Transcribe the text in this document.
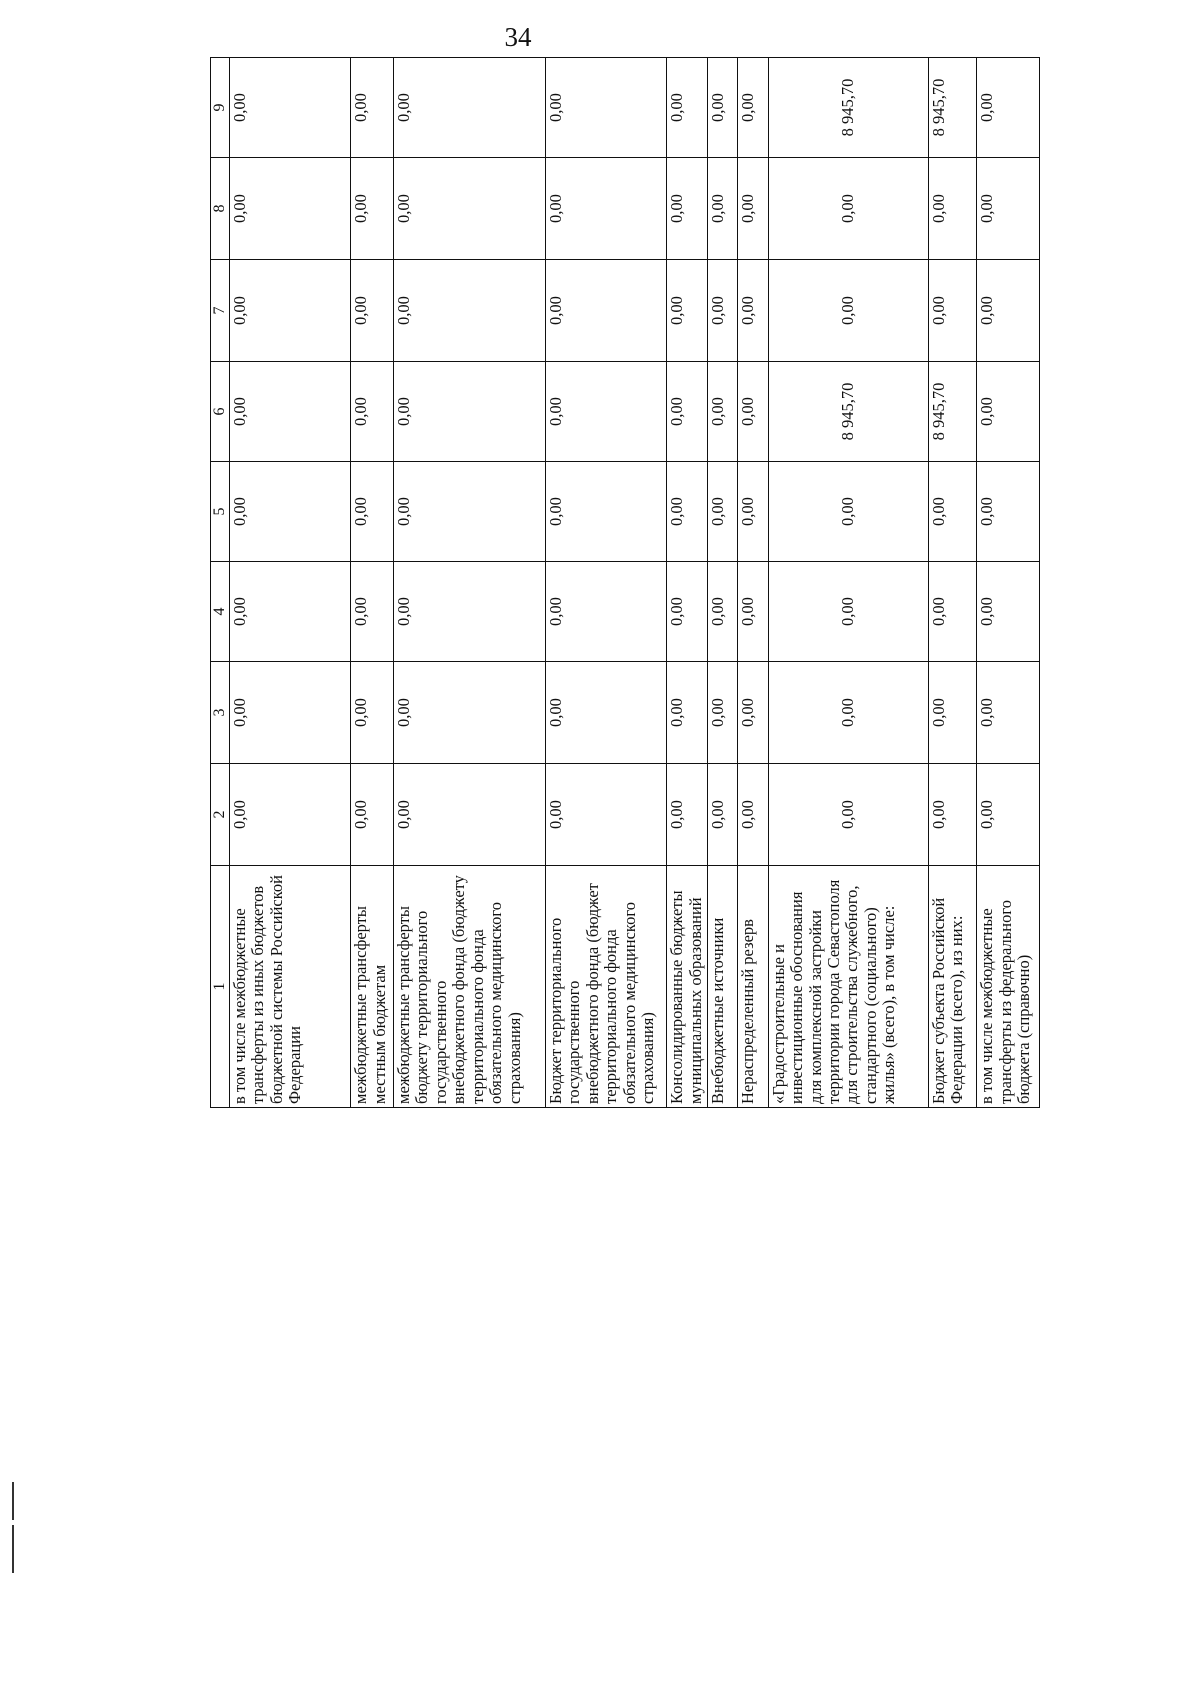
34
1	2	3	4	5	6	7	8	9
в том числе межбюджетные трансферты из иных бюджетов бюджетной системы Российской Федерации	0,00	0,00	0,00	0,00	0,00	0,00	0,00	0,00
межбюджетные трансферты местным бюджетам	0,00	0,00	0,00	0,00	0,00	0,00	0,00	0,00
межбюджетные трансферты бюджету территориального государственного внебюджетного фонда (бюджету территориального фонда обязательного медицинского страхования)	0,00	0,00	0,00	0,00	0,00	0,00	0,00	0,00
Бюджет территориального государственного внебюджетного фонда (бюджет территориального фонда обязательного медицинского страхования)	0,00	0,00	0,00	0,00	0,00	0,00	0,00	0,00
Консолидированные бюджеты муниципальных образований	0,00	0,00	0,00	0,00	0,00	0,00	0,00	0,00
Внебюджетные источники	0,00	0,00	0,00	0,00	0,00	0,00	0,00	0,00
Нераспределенный резерв	0,00	0,00	0,00	0,00	0,00	0,00	0,00	0,00
«Градостроительные и инвестиционные обоснования для комплексной застройки территории города Севастополя для строительства служебного, стандартного (социального) жилья» (всего), в том числе:	0,00	0,00	0,00	0,00	8 945,70	0,00	0,00	8 945,70
Бюджет субъекта Российской Федерации (всего), из них:	0,00	0,00	0,00	0,00	8 945,70	0,00	0,00	8 945,70
в том числе межбюджетные трансферты из федерального бюджета (справочно)	0,00	0,00	0,00	0,00	0,00	0,00	0,00	0,00
